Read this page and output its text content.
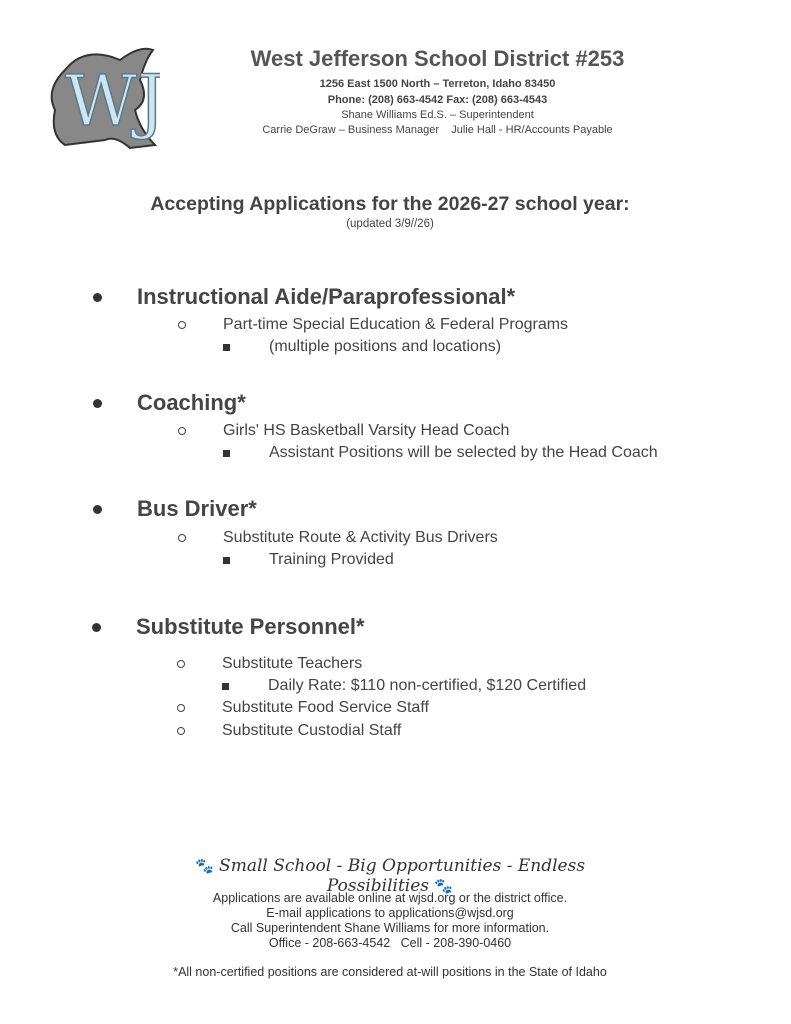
WJ
West Jefferson School District #253
1256 East 1500 North – Terreton, Idaho 83450
Phone: (208) 663-4542 Fax: (208) 663-4543
Shane Williams Ed.S. – Superintendent
Carrie DeGraw – Business Manager    Julie Hall - HR/Accounts Payable
Accepting Applications for the 2026-27 school year:
(updated 3/9//26)
Instructional Aide/Paraprofessional*
Part-time Special Education & Federal Programs
(multiple positions and locations)
Coaching*
Girls' HS Basketball Varsity Head Coach
Assistant Positions will be selected by the Head Coach
Bus Driver*
Substitute Route & Activity Bus Drivers
Training Provided
Substitute Personnel*
Substitute Teachers
Daily Rate: $110 non-certified, $120 Certified
Substitute Food Service Staff
Substitute Custodial Staff
🐾 Small School - Big Opportunities - Endless Possibilities 🐾
Applications are available online at wjsd.org or the district office.
E-mail applications to applications@wjsd.org
Call Superintendent Shane Williams for more information.
Office - 208-663-4542   Cell - 208-390-0460
*All non-certified positions are considered at-will positions in the State of Idaho
